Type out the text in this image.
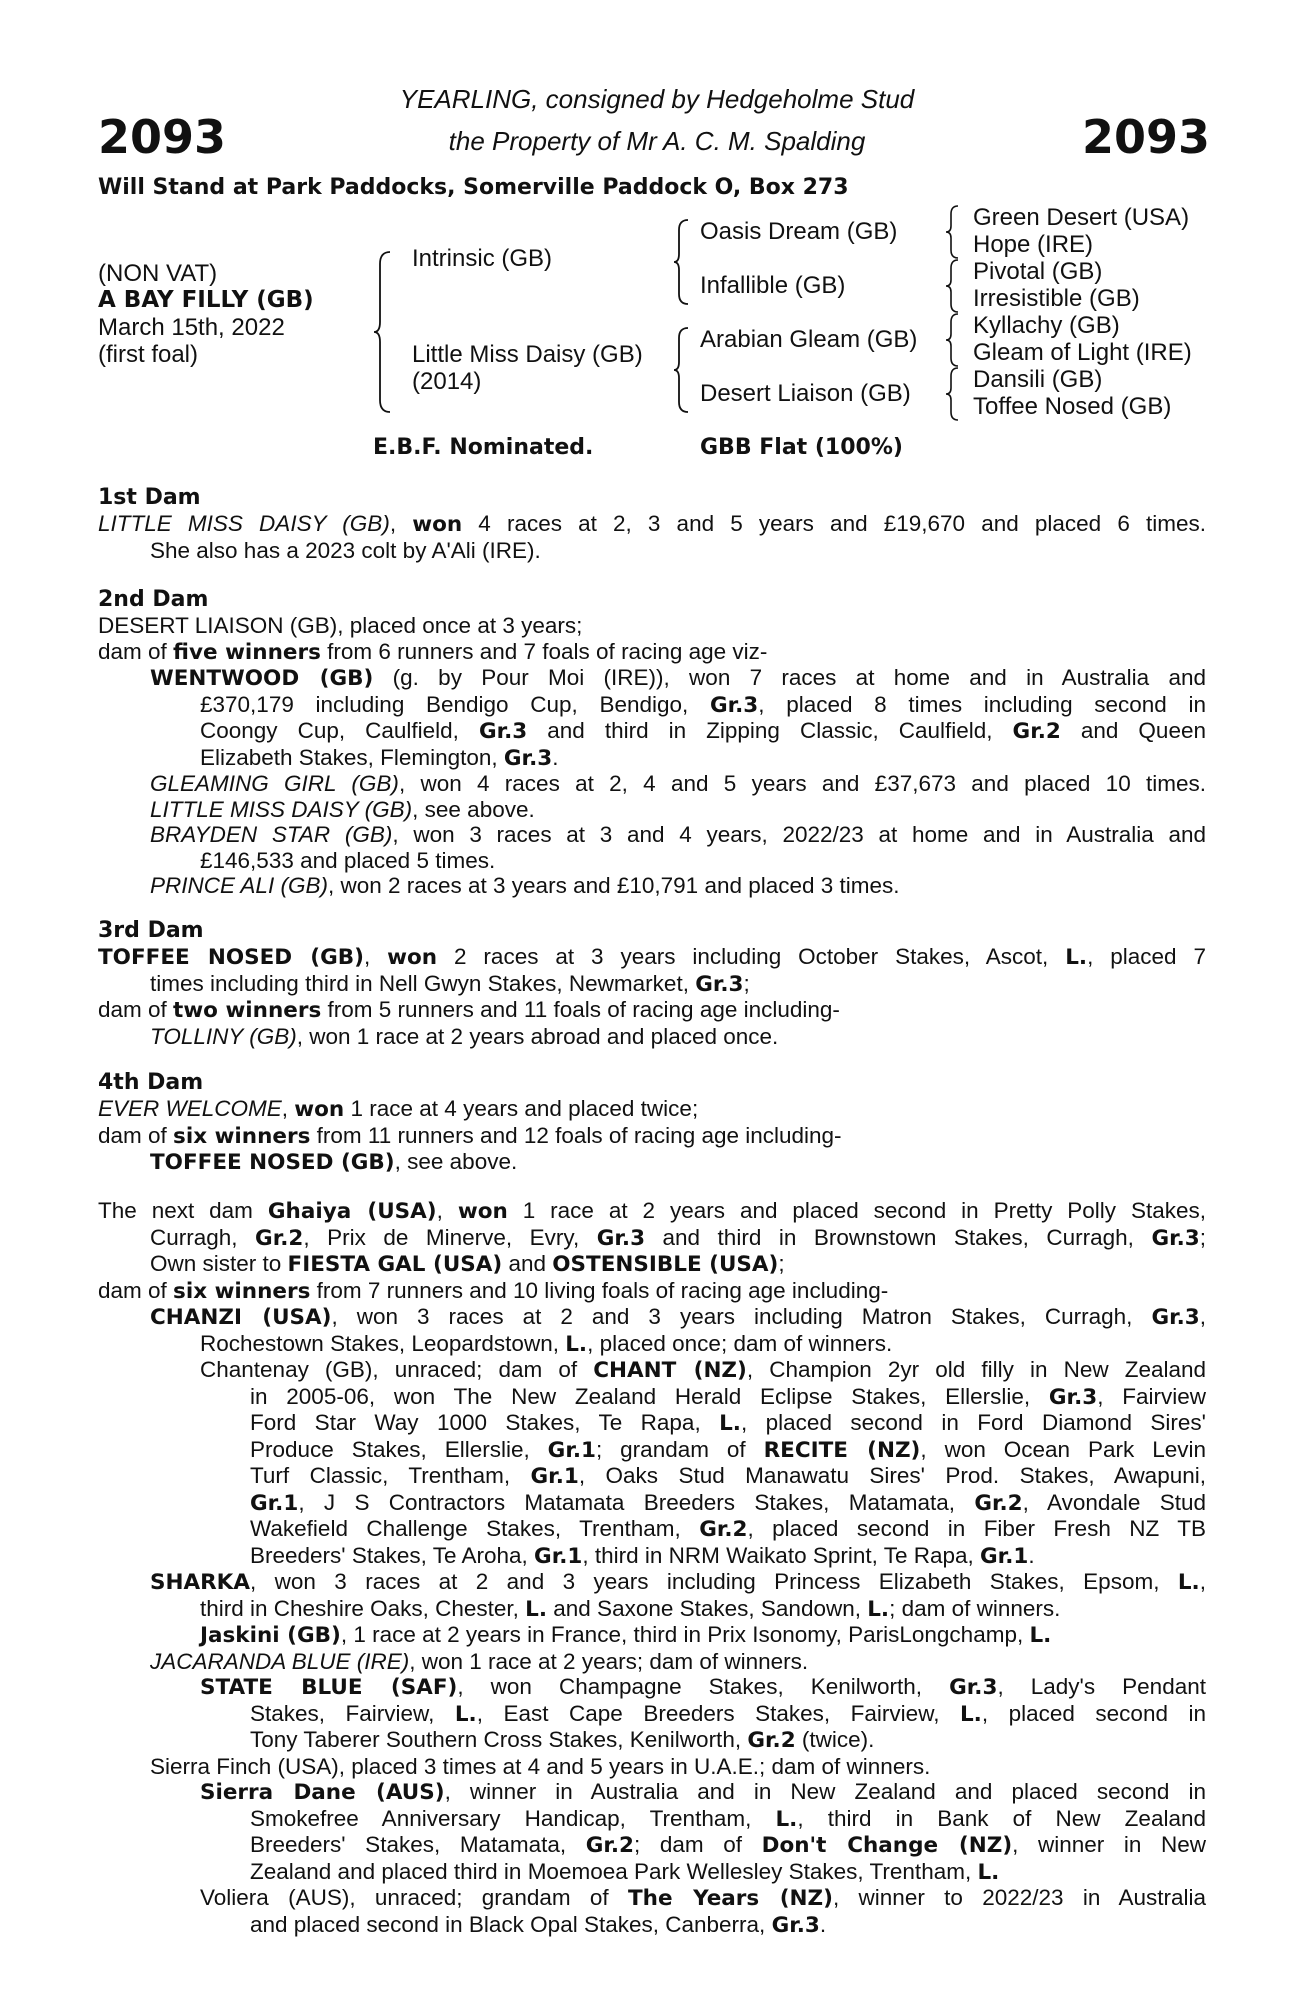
2093	2093
YEARLING, consigned by Hedgeholme Stud
the Property of Mr A. C. M. Spalding
Will Stand at Park Paddocks, Somerville Paddock O, Box 273
(NON VAT)
A BAY FILLY (GB)
March 15th, 2022
(first foal)
Intrinsic (GB)
Little Miss Daisy (GB)
(2014)
Oasis Dream (GB)
Infallible (GB)
Arabian Gleam (GB)
Desert Liaison (GB)
Green Desert (USA)
Hope (IRE)
Pivotal (GB)
Irresistible (GB)
Kyllachy (GB)
Gleam of Light (IRE)
Dansili (GB)
Toffee Nosed (GB)
E.B.F. Nominated.	GBB Flat (100%)
1st Dam
LITTLE MISS DAISY (GB), won 4 races at 2, 3 and 5 years and £19,670 and placed 6 times.
She also has a 2023 colt by A'Ali (IRE).
2nd Dam
DESERT LIAISON (GB), placed once at 3 years;
dam of five winners from 6 runners and 7 foals of racing age viz-
WENTWOOD (GB) (g. by Pour Moi (IRE)), won 7 races at home and in Australia and
£370,179 including Bendigo Cup, Bendigo, Gr.3, placed 8 times including second in
Coongy Cup, Caulfield, Gr.3 and third in Zipping Classic, Caulfield, Gr.2 and Queen
Elizabeth Stakes, Flemington, Gr.3.
GLEAMING GIRL (GB), won 4 races at 2, 4 and 5 years and £37,673 and placed 10 times.
LITTLE MISS DAISY (GB), see above.
BRAYDEN STAR (GB), won 3 races at 3 and 4 years, 2022/23 at home and in Australia and
£146,533 and placed 5 times.
PRINCE ALI (GB), won 2 races at 3 years and £10,791 and placed 3 times.
3rd Dam
TOFFEE NOSED (GB), won 2 races at 3 years including October Stakes, Ascot, L., placed 7
times including third in Nell Gwyn Stakes, Newmarket, Gr.3;
dam of two winners from 5 runners and 11 foals of racing age including-
TOLLINY (GB), won 1 race at 2 years abroad and placed once.
4th Dam
EVER WELCOME, won 1 race at 4 years and placed twice;
dam of six winners from 11 runners and 12 foals of racing age including-
TOFFEE NOSED (GB), see above.
The next dam Ghaiya (USA), won 1 race at 2 years and placed second in Pretty Polly Stakes,
Curragh, Gr.2, Prix de Minerve, Evry, Gr.3 and third in Brownstown Stakes, Curragh, Gr.3;
Own sister to FIESTA GAL (USA) and OSTENSIBLE (USA);
dam of six winners from 7 runners and 10 living foals of racing age including-
CHANZI (USA), won 3 races at 2 and 3 years including Matron Stakes, Curragh, Gr.3,
Rochestown Stakes, Leopardstown, L., placed once; dam of winners.
Chantenay (GB), unraced; dam of CHANT (NZ), Champion 2yr old filly in New Zealand
in 2005-06, won The New Zealand Herald Eclipse Stakes, Ellerslie, Gr.3, Fairview
Ford Star Way 1000 Stakes, Te Rapa, L., placed second in Ford Diamond Sires'
Produce Stakes, Ellerslie, Gr.1; grandam of RECITE (NZ), won Ocean Park Levin
Turf Classic, Trentham, Gr.1, Oaks Stud Manawatu Sires' Prod. Stakes, Awapuni,
Gr.1, J S Contractors Matamata Breeders Stakes, Matamata, Gr.2, Avondale Stud
Wakefield Challenge Stakes, Trentham, Gr.2, placed second in Fiber Fresh NZ TB
Breeders' Stakes, Te Aroha, Gr.1, third in NRM Waikato Sprint, Te Rapa, Gr.1.
SHARKA, won 3 races at 2 and 3 years including Princess Elizabeth Stakes, Epsom, L.,
third in Cheshire Oaks, Chester, L. and Saxone Stakes, Sandown, L.; dam of winners.
Jaskini (GB), 1 race at 2 years in France, third in Prix Isonomy, ParisLongchamp, L.
JACARANDA BLUE (IRE), won 1 race at 2 years; dam of winners.
STATE BLUE (SAF), won Champagne Stakes, Kenilworth, Gr.3, Lady's Pendant
Stakes, Fairview, L., East Cape Breeders Stakes, Fairview, L., placed second in
Tony Taberer Southern Cross Stakes, Kenilworth, Gr.2 (twice).
Sierra Finch (USA), placed 3 times at 4 and 5 years in U.A.E.; dam of winners.
Sierra Dane (AUS), winner in Australia and in New Zealand and placed second in
Smokefree Anniversary Handicap, Trentham, L., third in Bank of New Zealand
Breeders' Stakes, Matamata, Gr.2; dam of Don't Change (NZ), winner in New
Zealand and placed third in Moemoea Park Wellesley Stakes, Trentham, L.
Voliera (AUS), unraced; grandam of The Years (NZ), winner to 2022/23 in Australia
and placed second in Black Opal Stakes, Canberra, Gr.3.
